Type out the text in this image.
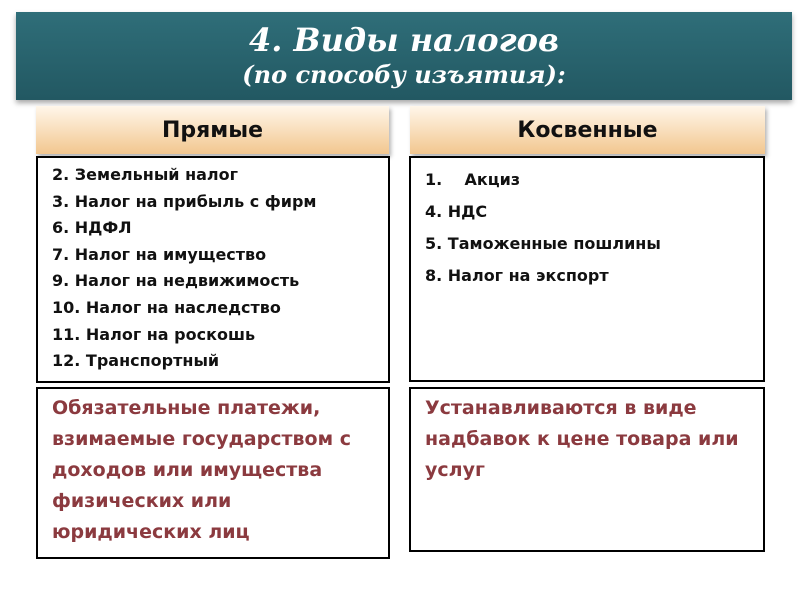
4. Виды налогов
(по способу изъятия):
Прямые	Косвенные
2. Земельный налог
3. Налог на прибыль с фирм
6. НДФЛ
7. Налог на имущество
9. Налог на недвижимость
10. Налог на наследство
11. Налог на роскошь
12. Транспортный
1.    Акциз
4. НДС
5. Таможенные пошлины
8. Налог на экспорт

Обязательные платежи, взимаемые государством с доходов или имущества физических или юридических лиц

Устанавливаются в виде надбавок к цене товара или услуг
